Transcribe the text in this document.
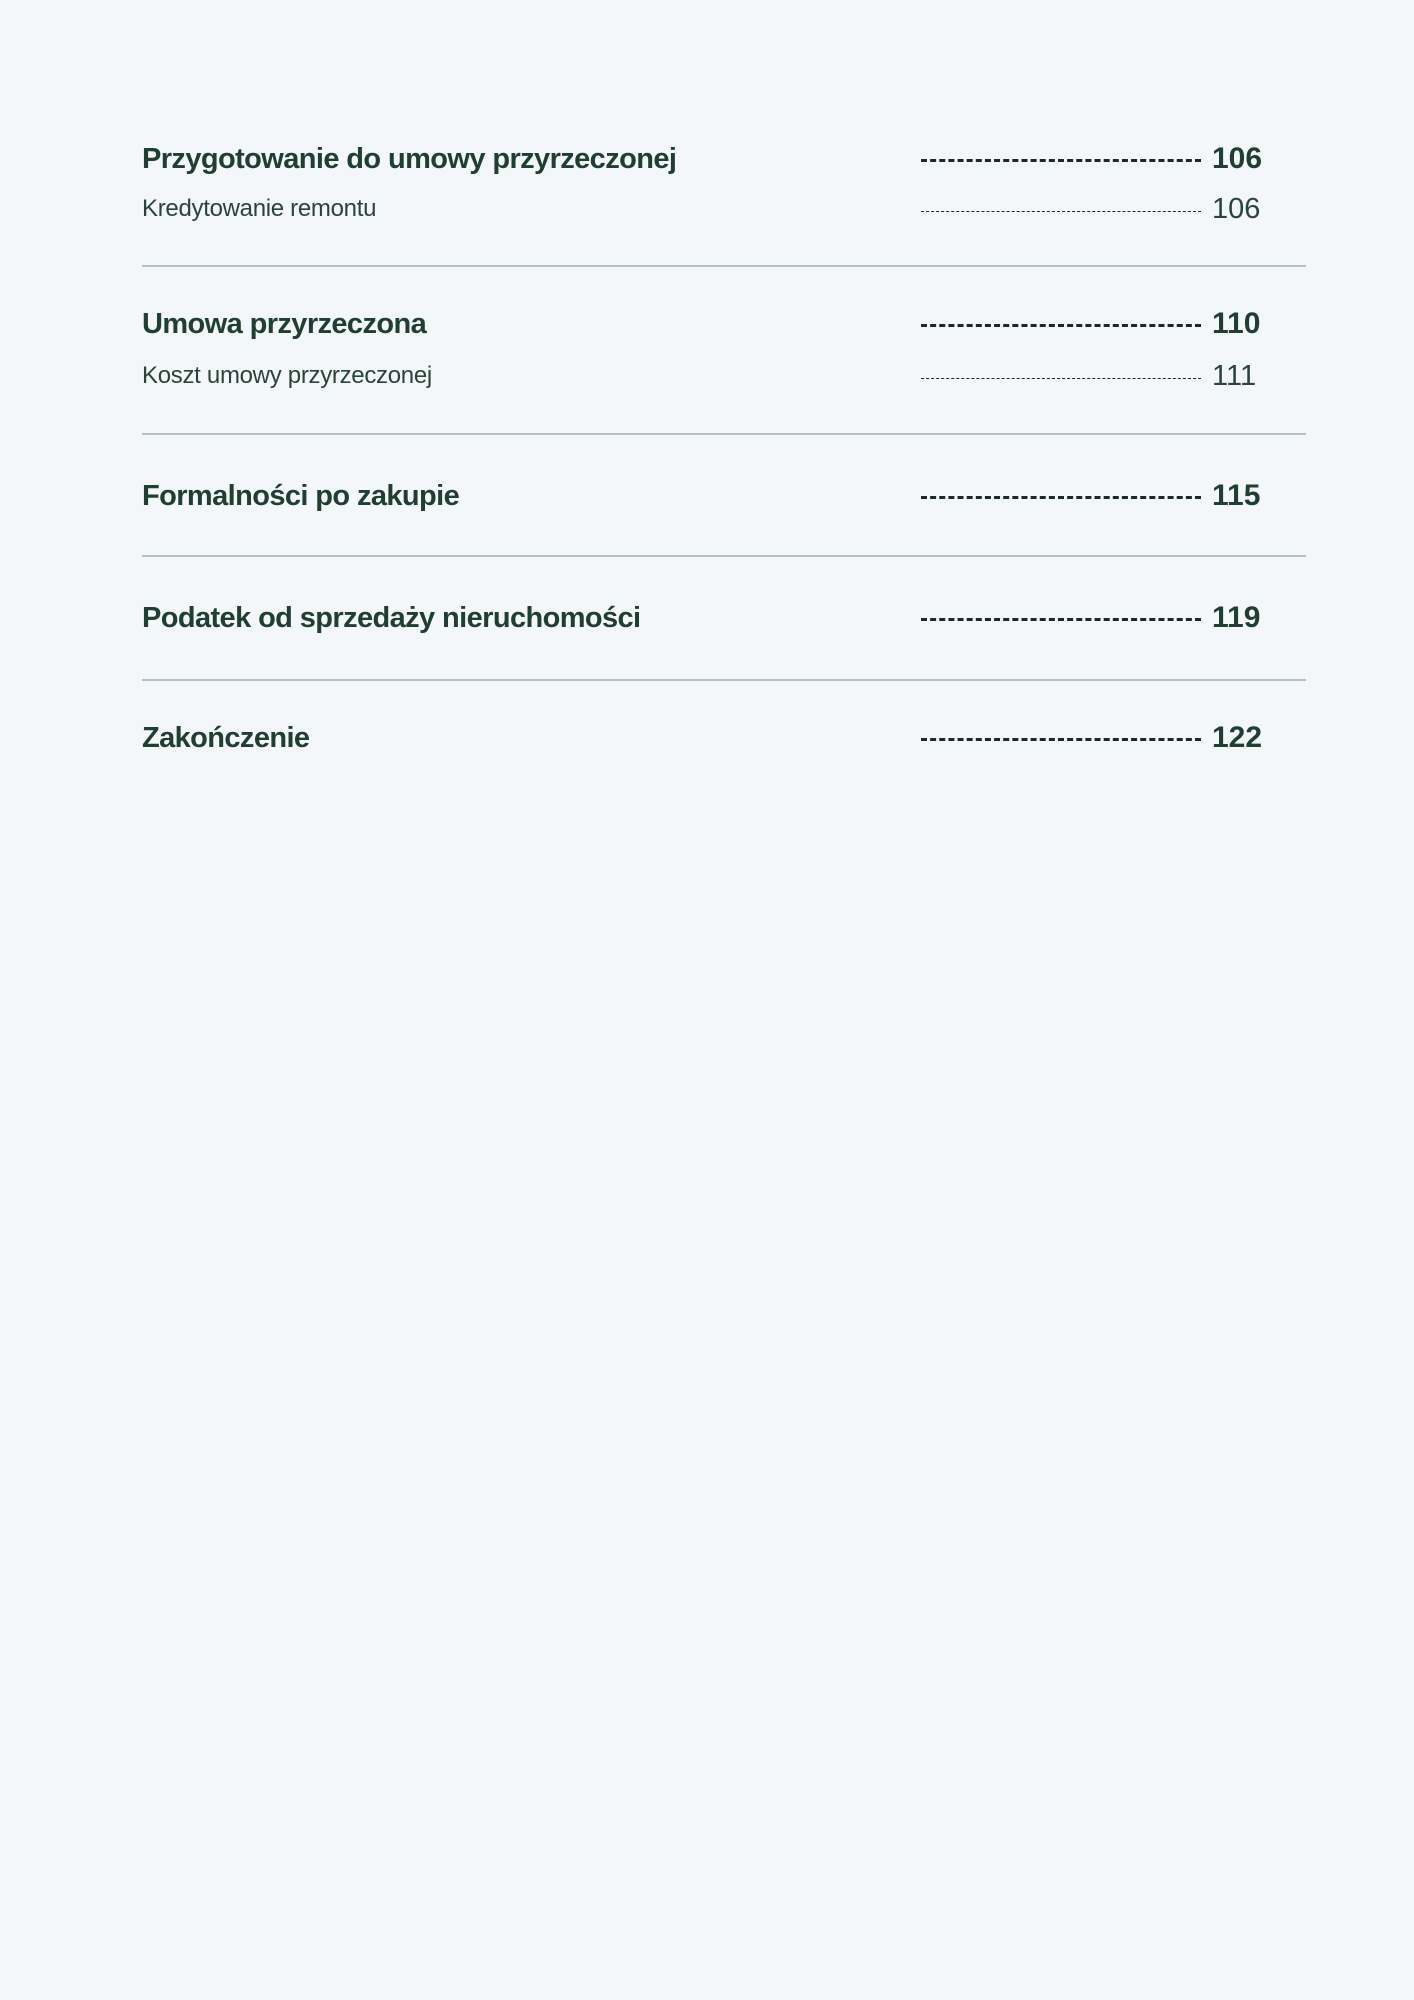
Przygotowanie do umowy przyrzeczonej	106
Kredytowanie remontu	106
Umowa przyrzeczona	110
Koszt umowy przyrzeczonej	111
Formalności po zakupie	115
Podatek od sprzedaży nieruchomości	119
Zakończenie	122
